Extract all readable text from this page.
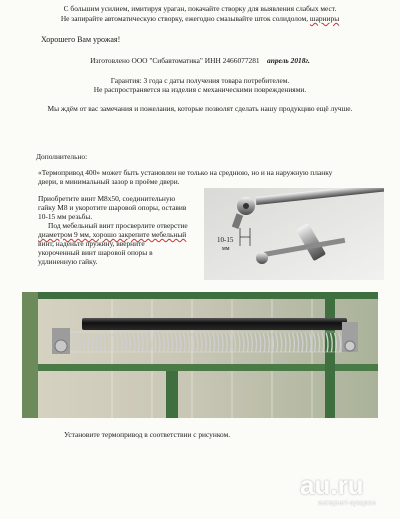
С большим усилием, имитируя ураган, покачайте створку для выявления слабых мест.
Не запирайте автоматическую створку, ежегодно смазывайте шток солидолом, шарниры
Хорошего Вам урожая!
Изготовлено ООО "Сибавтоматика" ИНН 2466077281 апрель 2018г.
Гарантия: 3 года с даты получения товара потребителем.
Не распространяется на изделия с механическими повреждениями.
Мы ждём от вас замечания и пожелания, которые позволят сделать нашу продукцию ещё лучше.
Дополнительно:
«Термопривод 400» может быть установлен не только на среднюю, но и на наружную планку
двери, в минимальный зазор в проёме двери.
Приобретите винт М8х50, соединительную
гайку М8 и укоротите шаровой опоры, оставив
10-15 мм резьбы.
Под мебельный винт просверлите отверстие
диаметром 9 мм, хорошо закрепите мебельный
винт, наденьте пружину, вверните
укороченный винт шаровой опоры в
удлиненную гайку.
10-15
мм
Установите термопривод в соответствии с рисунком.
au.ru
интернет-аукцион
